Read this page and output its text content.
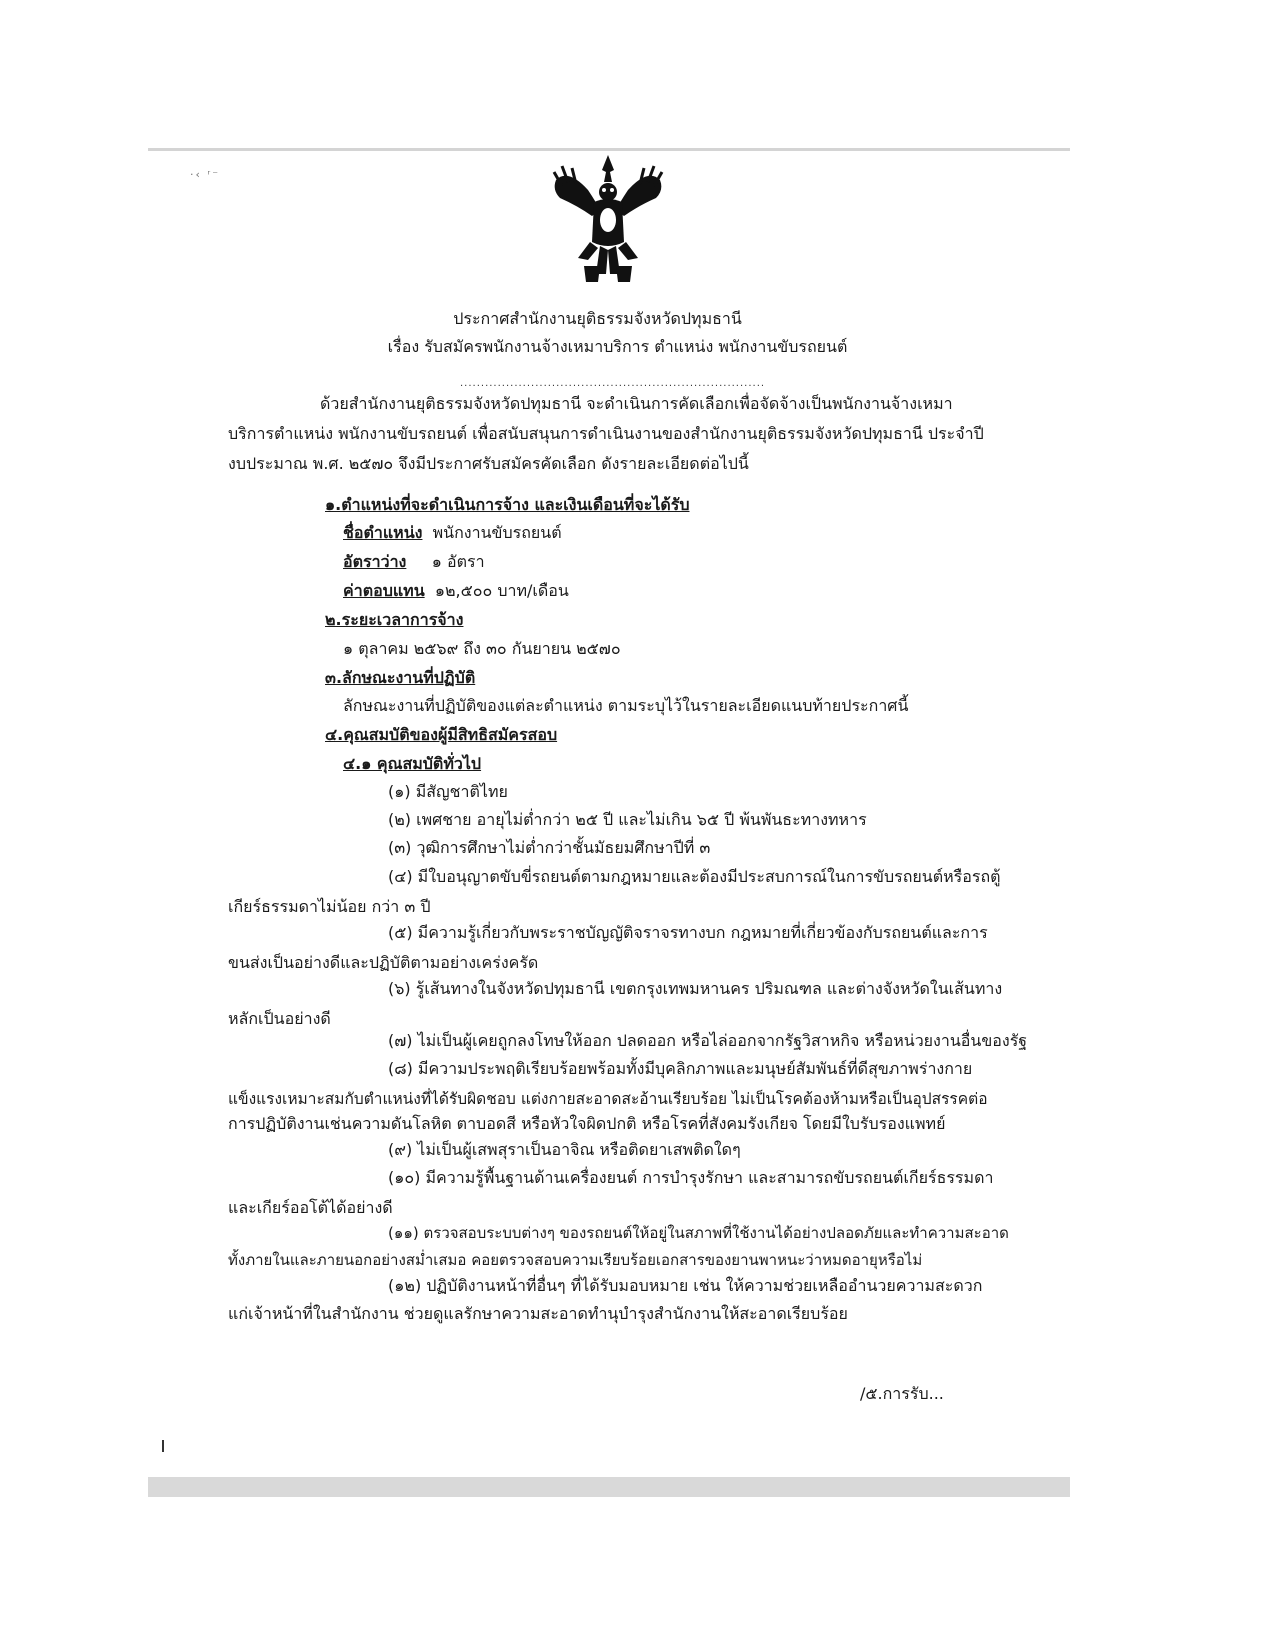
·‹ ʳ⁻
ประกาศสำนักงานยุติธรรมจังหวัดปทุมธานี
เรื่อง รับสมัครพนักงานจ้างเหมาบริการ ตำแหน่ง พนักงานขับรถยนต์
.........................................................................
ด้วยสำนักงานยุติธรรมจังหวัดปทุมธานี จะดำเนินการคัดเลือกเพื่อจัดจ้างเป็นพนักงานจ้างเหมา
บริการตำแหน่ง พนักงานขับรถยนต์ เพื่อสนับสนุนการดำเนินงานของสำนักงานยุติธรรมจังหวัดปทุมธานี ประจำปี
งบประมาณ พ.ศ. ๒๕๗๐ จึงมีประกาศรับสมัครคัดเลือก ดังรายละเอียดต่อไปนี้
๑.ตำแหน่งที่จะดำเนินการจ้าง และเงินเดือนที่จะได้รับ
ชื่อตำแหน่ง พนักงานขับรถยนต์
อัตราว่าง ๑ อัตรา
ค่าตอบแทน ๑๒,๕๐๐ บาท/เดือน
๒.ระยะเวลาการจ้าง
๑ ตุลาคม ๒๕๖๙ ถึง ๓๐ กันยายน ๒๕๗๐
๓.ลักษณะงานที่ปฏิบัติ
ลักษณะงานที่ปฏิบัติของแต่ละตำแหน่ง ตามระบุไว้ในรายละเอียดแนบท้ายประกาศนี้
๔.คุณสมบัติของผู้มีสิทธิสมัครสอบ
๔.๑ คุณสมบัติทั่วไป
(๑) มีสัญชาติไทย
(๒) เพศชาย อายุไม่ต่ำกว่า ๒๕ ปี และไม่เกิน ๖๕ ปี พ้นพันธะทางทหาร
(๓) วุฒิการศึกษาไม่ต่ำกว่าชั้นมัธยมศึกษาปีที่ ๓
(๔) มีใบอนุญาตขับขี่รถยนต์ตามกฎหมายและต้องมีประสบการณ์ในการขับรถยนต์หรือรถตู้
เกียร์ธรรมดาไม่น้อย กว่า ๓ ปี
(๕) มีความรู้เกี่ยวกับพระราชบัญญัติจราจรทางบก กฎหมายที่เกี่ยวข้องกับรถยนต์และการ
ขนส่งเป็นอย่างดีและปฏิบัติตามอย่างเคร่งครัด
(๖) รู้เส้นทางในจังหวัดปทุมธานี เขตกรุงเทพมหานคร ปริมณฑล และต่างจังหวัดในเส้นทาง
หลักเป็นอย่างดี
(๗) ไม่เป็นผู้เคยถูกลงโทษให้ออก ปลดออก หรือไล่ออกจากรัฐวิสาหกิจ หรือหน่วยงานอื่นของรัฐ
(๘) มีความประพฤติเรียบร้อยพร้อมทั้งมีบุคลิกภาพและมนุษย์สัมพันธ์ที่ดีสุขภาพร่างกาย
แข็งแรงเหมาะสมกับตำแหน่งที่ได้รับผิดชอบ แต่งกายสะอาดสะอ้านเรียบร้อย ไม่เป็นโรคต้องห้ามหรือเป็นอุปสรรคต่อ
การปฏิบัติงานเช่นความดันโลหิต ตาบอดสี หรือหัวใจผิดปกติ หรือโรคที่สังคมรังเกียจ โดยมีใบรับรองแพทย์
(๙) ไม่เป็นผู้เสพสุราเป็นอาจิณ หรือติดยาเสพติดใดๆ
(๑๐) มีความรู้พื้นฐานด้านเครื่องยนต์ การบำรุงรักษา และสามารถขับรถยนต์เกียร์ธรรมดา
และเกียร์ออโต้ได้อย่างดี
(๑๑) ตรวจสอบระบบต่างๆ ของรถยนต์ให้อยู่ในสภาพที่ใช้งานได้อย่างปลอดภัยและทำความสะอาด
ทั้งภายในและภายนอกอย่างสม่ำเสมอ คอยตรวจสอบความเรียบร้อยเอกสารของยานพาหนะว่าหมดอายุหรือไม่
(๑๒) ปฏิบัติงานหน้าที่อื่นๆ ที่ได้รับมอบหมาย เช่น ให้ความช่วยเหลืออำนวยความสะดวก
แก่เจ้าหน้าที่ในสำนักงาน ช่วยดูแลรักษาความสะอาดทำนุบำรุงสำนักงานให้สะอาดเรียบร้อย
/๕.การรับ...
